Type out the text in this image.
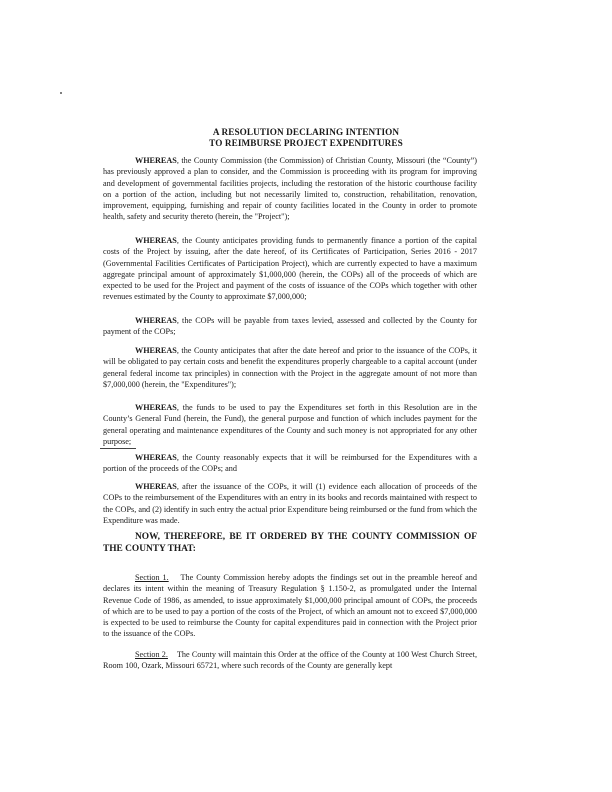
A RESOLUTION DECLARING INTENTION
TO REIMBURSE PROJECT EXPENDITURES

WHEREAS, the County Commission (the Commission) of Christian County, Missouri (the “County”) has previously approved a plan to consider, and the Commission is proceeding with its program for improving and development of governmental facilities projects, including the restoration of the historic courthouse facility on a portion of the action, including but not necessarily limited to, construction, rehabilitation, renovation, improvement, equipping, furnishing and repair of county facilities located in the County in order to promote health, safety and security thereto (herein, the "Project");

WHEREAS, the County anticipates providing funds to permanently finance a portion of the capital costs of the Project by issuing, after the date hereof, of its Certificates of Participation, Series 2016 - 2017 (Governmental Facilities Certificates of Participation Project), which are currently expected to have a maximum aggregate principal amount of approximately $1,000,000 (herein, the COPs) all of the proceeds of which are expected to be used for the Project and payment of the costs of issuance of the COPs which together with other revenues estimated by the County to approximate $7,000,000;

WHEREAS, the COPs will be payable from taxes levied, assessed and collected by the County for payment of the COPs;

WHEREAS, the County anticipates that after the date hereof and prior to the issuance of the COPs, it will be obligated to pay certain costs and benefit the expenditures properly chargeable to a capital account (under general federal income tax principles) in connection with the Project in the aggregate amount of not more than $7,000,000 (herein, the "Expenditures");

WHEREAS, the funds to be used to pay the Expenditures set forth in this Resolution are in the County’s General Fund (herein, the Fund), the general purpose and function of which includes payment for the general operating and maintenance expenditures of the County and such money is not appropriated for any other purpose;

WHEREAS, the County reasonably expects that it will be reimbursed for the Expenditures with a portion of the proceeds of the COPs; and

WHEREAS, after the issuance of the COPs, it will (1) evidence each allocation of proceeds of the COPs to the reimbursement of the Expenditures with an entry in its books and records maintained with respect to the COPs, and (2) identify in such entry the actual prior Expenditure being reimbursed or the fund from which the Expenditure was made.

NOW, THEREFORE, BE IT ORDERED BY THE COUNTY COMMISSION OF THE COUNTY THAT:

Section 1. The County Commission hereby adopts the findings set out in the preamble hereof and declares its intent within the meaning of Treasury Regulation § 1.150-2, as promulgated under the Internal Revenue Code of 1986, as amended, to issue approximately $1,000,000 principal amount of COPs, the proceeds of which are to be used to pay a portion of the costs of the Project, of which an amount not to exceed $7,000,000 is expected to be used to reimburse the County for capital expenditures paid in connection with the Project prior to the issuance of the COPs.

Section 2. The County will maintain this Order at the office of the County at 100 West Church Street, Room 100, Ozark, Missouri 65721, where such records of the County are generally kept
